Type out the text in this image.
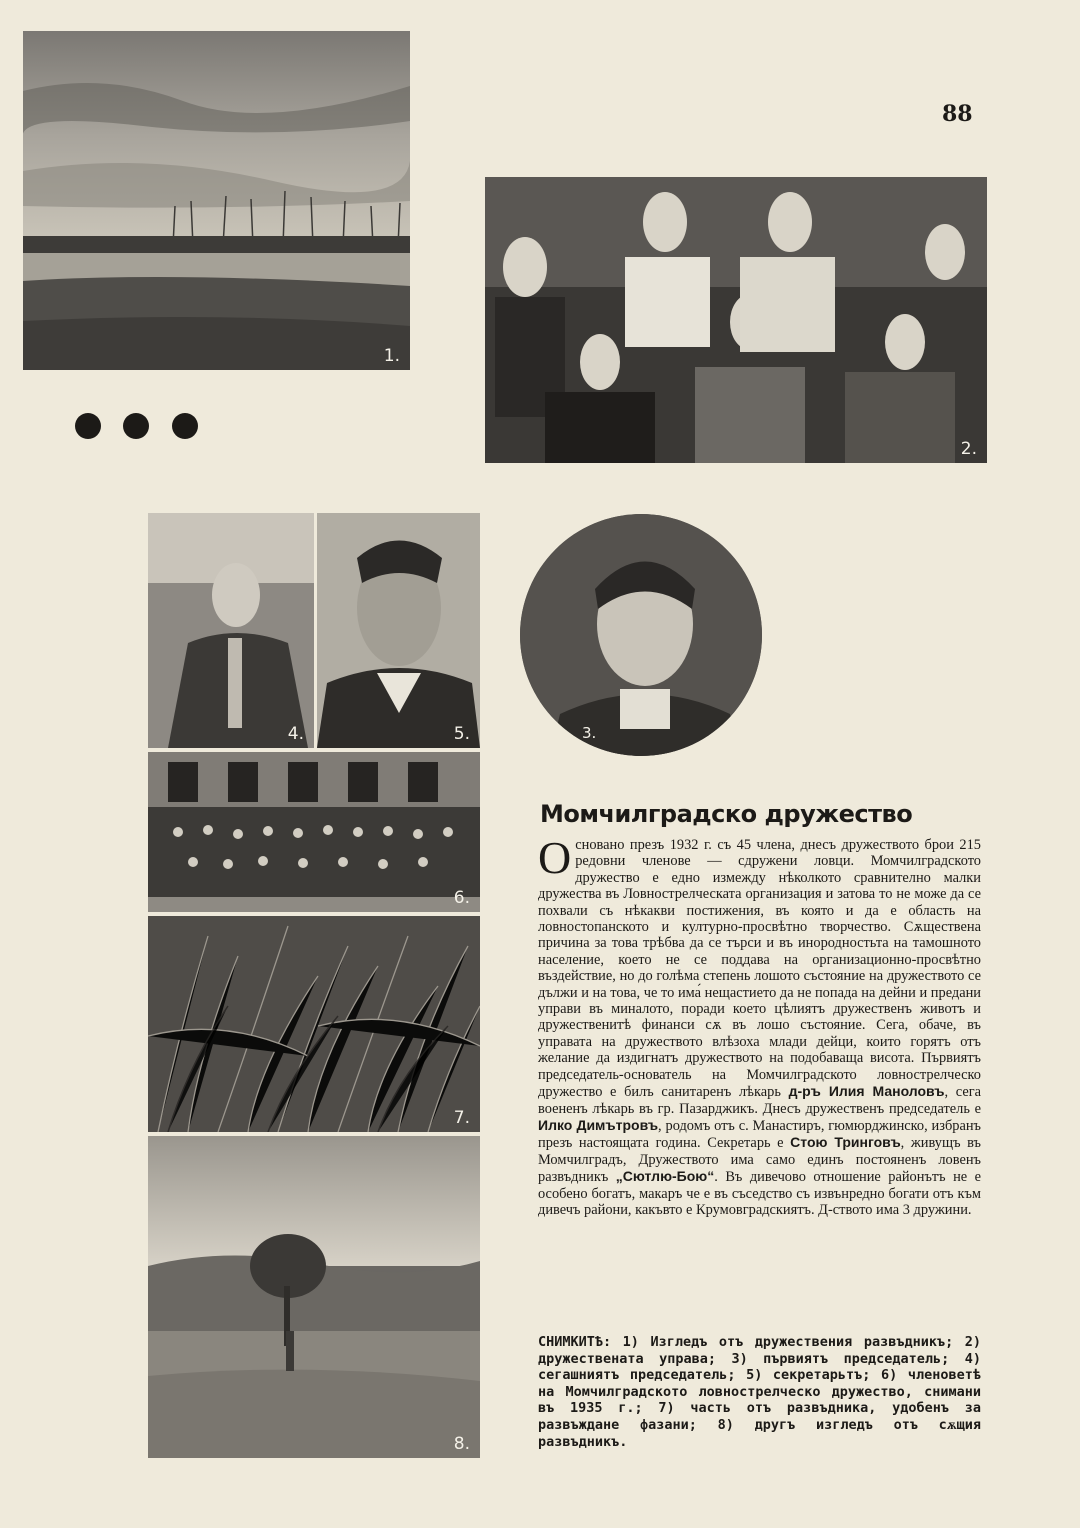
88
1.
2.
4.	5.	3.
6.
7.
8.
Момчилградско дружество
Основано презъ 1932 г. съ 45 члена, днесъ дружеството брои 215 редовни членове — сдружени ловци. Момчилградското дружество е едно измежду нѣколкото сравнително малки дружества въ Ловнострелческата организация и затова то не може да се похвали съ нѣкакви постижения, въ която и да е область на ловностопанското и културно-просвѣтно творчество. Сѫществена причина за това трѣбва да се търси и въ инородностьта на тамошното население, което не се поддава на организационно-просвѣтно въздействие, но до голѣма степень лошото състояние на дружеството се дължи и на това, че то има́ нещастието да не попада на дейни и предани управи въ миналото, поради което цѣлиятъ дружественъ животъ и дружественитѣ финанси сѫ въ лошо състояние. Сега, обаче, въ управата на дружеството влѣзоха млади дейци, които горятъ отъ желание да издигнатъ дружеството на подобаваща висота. Първиятъ председатель-основатель на Момчилградското ловнострелческо дружество е билъ санитаренъ лѣкарь д-ръ Илия Маноловъ, сега воененъ лѣкарь въ гр. Пазарджикъ. Днесъ дружественъ председатель е Илко Димътровъ, родомъ отъ с. Манастиръ, гюмюрджинско, избранъ презъ настоящата година. Секретарь е Стою Тринговъ, живущъ въ Момчилградъ, Дружеството има само единъ постояненъ ловенъ развъдникъ „Сютлю-Бою“. Въ дивечово отношение районътъ не е особено богатъ, макаръ че е въ съседство съ извънредно богати отъ към дивечъ райони, какъвто е Крумовградскиятъ. Д-ството има 3 дружини.
СНИМКИТѢ: 1) Изгледъ отъ дружествения развъдникъ; 2) дружествената управа; 3) първиятъ председатель; 4) сегашниятъ председатель; 5) секретарьтъ; 6) членоветѣ на Момчилградското ловнострелческо дружество, снимани въ 1935 г.; 7) часть отъ развъдника, удобенъ за развъждане фазани; 8) другъ изгледъ отъ сѫщия развъдникъ.
